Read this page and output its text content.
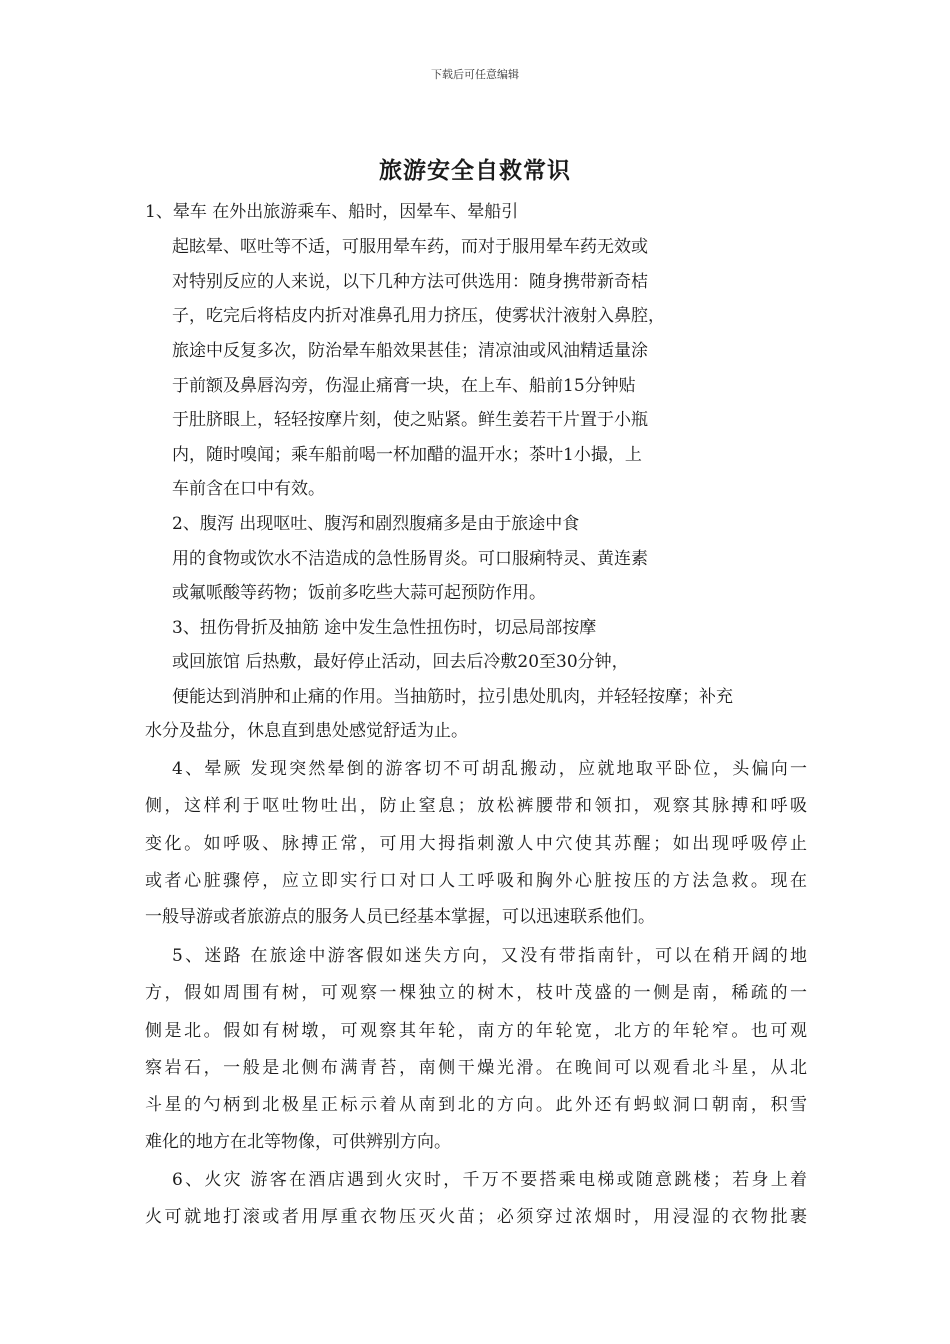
下载后可任意编辑
旅游安全自救常识
1、晕车 在外出旅游乘车、船时，因晕车、晕船引
起眩晕、呕吐等不适，可服用晕车药，而对于服用晕车药无效或
对特别反应的人来说，以下几种方法可供选用：随身携带新奇桔
子，吃完后将桔皮内折对准鼻孔用力挤压，使雾状汁液射入鼻腔，
旅途中反复多次，防治晕车船效果甚佳；清凉油或风油精适量涂
于前额及鼻唇沟旁，伤湿止痛膏一块，在上车、船前15分钟贴
于肚脐眼上，轻轻按摩片刻，使之贴紧。鲜生姜若干片置于小瓶
内，随时嗅闻；乘车船前喝一杯加醋的温开水；茶叶1小撮，上
车前含在口中有效。
2、腹泻 出现呕吐、腹泻和剧烈腹痛多是由于旅途中食
用的食物或饮水不洁造成的急性肠胃炎。可口服痢特灵、黄连素
或氟哌酸等药物；饭前多吃些大蒜可起预防作用。
3、扭伤骨折及抽筋 途中发生急性扭伤时，切忌局部按摩
或回旅馆 后热敷，最好停止活动，回去后冷敷20至30分钟，
便能达到消肿和止痛的作用。当抽筋时，拉引患处肌肉，并轻轻按摩；补充
水分及盐分，休息直到患处感觉舒适为止。
4、晕厥 发现突然晕倒的游客切不可胡乱搬动，应就地取平卧位，头偏向一
侧，这样利于呕吐物吐出，防止窒息；放松裤腰带和领扣，观察其脉搏和呼吸
变化。如呼吸、脉搏正常，可用大拇指刺激人中穴使其苏醒；如出现呼吸停止
或者心脏骤停，应立即实行口对口人工呼吸和胸外心脏按压的方法急救。现在
一般导游或者旅游点的服务人员已经基本掌握，可以迅速联系他们。
5、迷路 在旅途中游客假如迷失方向，又没有带指南针，可以在稍开阔的地
方，假如周围有树，可观察一棵独立的树木，枝叶茂盛的一侧是南，稀疏的一
侧是北。假如有树墩，可观察其年轮，南方的年轮宽，北方的年轮窄。也可观
察岩石，一般是北侧布满青苔，南侧干燥光滑。在晚间可以观看北斗星，从北
斗星的勺柄到北极星正标示着从南到北的方向。此外还有蚂蚁洞口朝南，积雪
难化的地方在北等物像，可供辨别方向。
6、火灾 游客在酒店遇到火灾时，千万不要搭乘电梯或随意跳楼；若身上着
火可就地打滚或者用厚重衣物压灭火苗；必须穿过浓烟时，用浸湿的衣物批裹
